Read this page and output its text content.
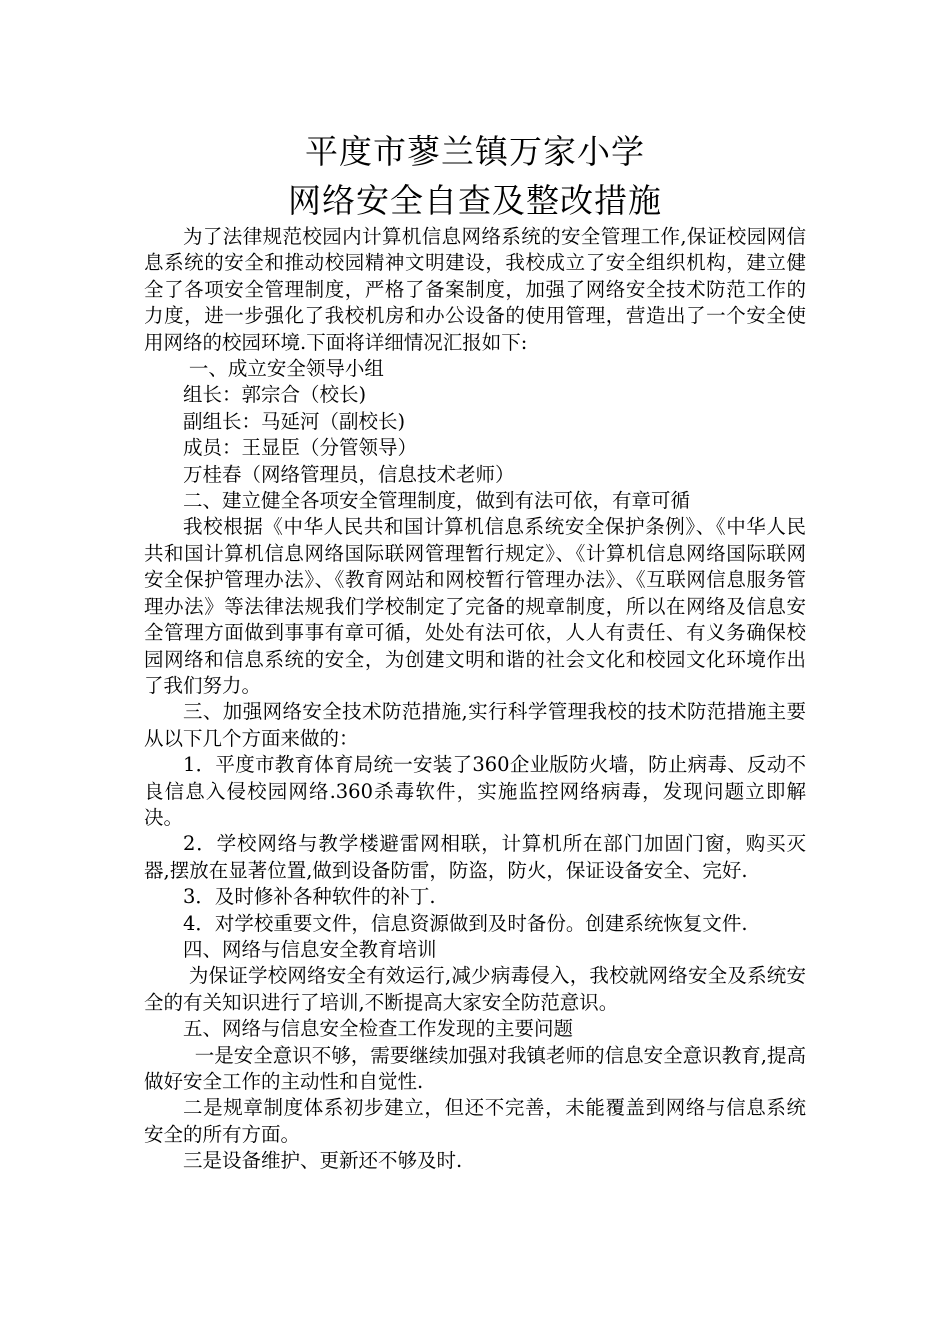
平度市蓼兰镇万家小学
网络安全自查及整改措施

为了法律规范校园内计算机信息网络系统的安全管理工作,保证校园网信息系统的安全和推动校园精神文明建设，我校成立了安全组织机构，建立健全了各项安全管理制度，严格了备案制度，加强了网络安全技术防范工作的力度，进一步强化了我校机房和办公设备的使用管理，营造出了一个安全使用网络的校园环境.下面将详细情况汇报如下:

一、成立安全领导小组

组长：郭宗合（校长)

副组长：马延河（副校长)

成员：王显臣（分管领导）

万桂春（网络管理员，信息技术老师）

二、建立健全各项安全管理制度，做到有法可依，有章可循

我校根据《中华人民共和国计算机信息系统安全保护条例》、《中华人民共和国计算机信息网络国际联网管理暂行规定》、《计算机信息网络国际联网安全保护管理办法》、《教育网站和网校暂行管理办法》、《互联网信息服务管理办法》等法律法规我们学校制定了完备的规章制度，所以在网络及信息安全管理方面做到事事有章可循，处处有法可依，人人有责任、有义务确保校园网络和信息系统的安全，为创建文明和谐的社会文化和校园文化环境作出了我们努力。

三、加强网络安全技术防范措施,实行科学管理我校的技术防范措施主要从以下几个方面来做的：

1．平度市教育体育局统一安装了360企业版防火墙，防止病毒、反动不良信息入侵校园网络.360杀毒软件，实施监控网络病毒，发现问题立即解决。

2．学校网络与教学楼避雷网相联，计算机所在部门加固门窗，购买灭器,摆放在显著位置,做到设备防雷，防盗，防火，保证设备安全、完好.

3．及时修补各种软件的补丁.

4．对学校重要文件，信息资源做到及时备份。创建系统恢复文件.

四、网络与信息安全教育培训

为保证学校网络安全有效运行,减少病毒侵入，我校就网络安全及系统安全的有关知识进行了培训,不断提高大家安全防范意识。

五、网络与信息安全检查工作发现的主要问题

一是安全意识不够，需要继续加强对我镇老师的信息安全意识教育,提高做好安全工作的主动性和自觉性.

二是规章制度体系初步建立，但还不完善，未能覆盖到网络与信息系统安全的所有方面。

三是设备维护、更新还不够及时.
